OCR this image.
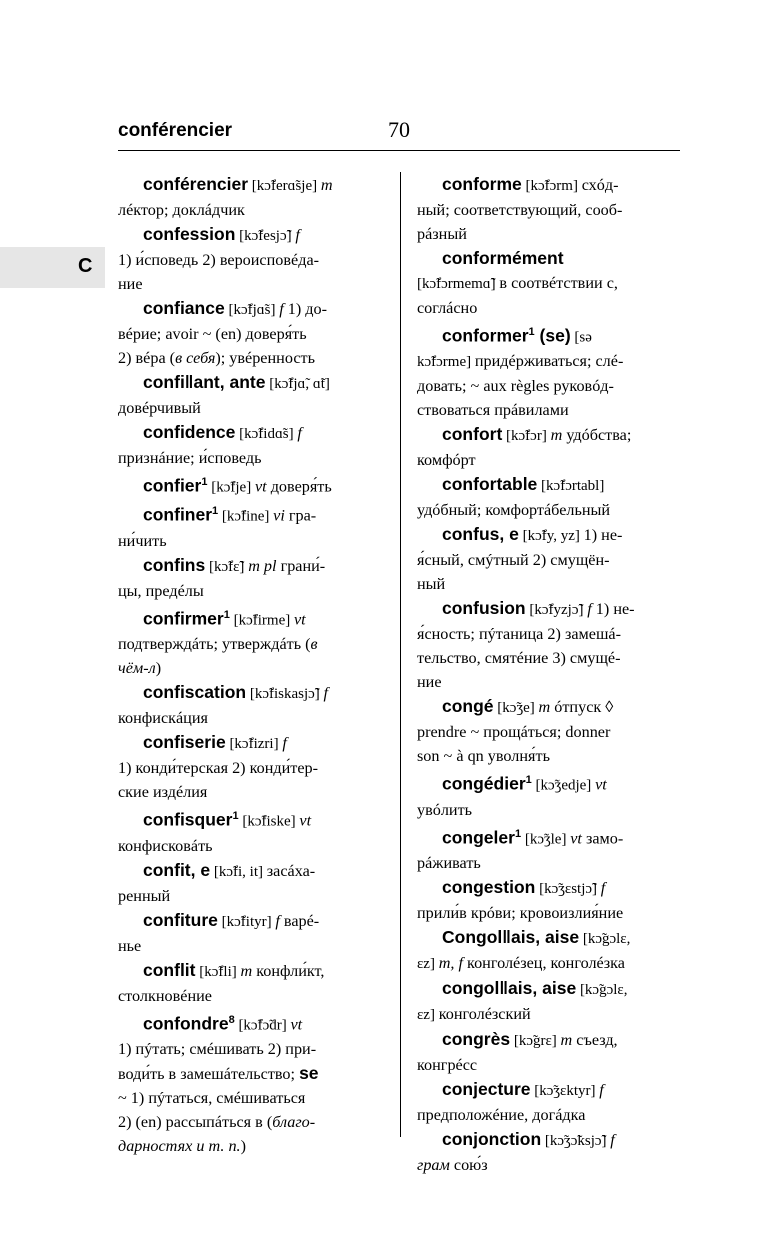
conférencier	70
C
conférencier [kɔ̃ferɑ̃sje] m
лéктор; доклáдчик
confession [kɔ̃fesjɔ̃] f
1) и́споведь 2) вероисповéда-
ние
confiance [kɔ̃fjɑ̃s] f 1) до-
вéрие; avoir ~ (en) доверя́ть
2) вéра (в себя); увéренность
confi‖ant, ante [kɔ̃fjɑ̃, ɑ̃t]
довéрчивый
confidence [kɔ̃fidɑ̃s] f
признáние; и́споведь
confier$^1$ [kɔ̃fje] vt доверя́ть
confiner$^1$ [kɔ̃fine] vi гра-
ни́чить
confins [kɔ̃fɛ̃] m pl грани́-
цы, предéлы
confirmer$^1$ [kɔ̃firme] vt
подтверждáть; утверждáть (в
чём-л)
confiscation [kɔ̃fiskasjɔ̃] f
конфискáция
confiserie [kɔ̃fizri] f
1) конди́терская 2) конди́тер-
ские издéлия
confisquer$^1$ [kɔ̃fiske] vt
конфисковáть
confit, e [kɔ̃fi, it] засáха-
ренный
confiture [kɔ̃fityr] f варé-
нье
conflit [kɔ̃fli] m конфли́кт,
столкновéние
confondre$^8$ [kɔ̃fɔ̃dr] vt
1) пýтать; смéшивать 2) при-
води́ть в замешáтельство; se
~ 1) пýтаться, смéшиваться
2) (en) рассыпáться в (благо-
дарностях и т. п.)
conforme [kɔ̃fɔrm] схóд-
ный; соответствующий, сооб-
рáзный
conformément
[kɔ̃fɔrmemɑ̃] в соотвéтствии с,
соглáсно
conformer$^1$ (se) [sə
kɔ̃fɔrme] придéрживаться; слé-
довать; ~ aux règles руковóд-
ствоваться прáвилами
confort [kɔ̃fɔr] m удóбства;
комфóрт
confortable [kɔ̃fɔrtabl]
удóбный; комфортáбельный
confus, e [kɔ̃fy, yz] 1) не-
я́сный, смýтный 2) смущён-
ный
confusion [kɔ̃fyzjɔ̃] f 1) не-
я́сность; пýтаница 2) замешá-
тельство, смятéние 3) смущé-
ние
congé [kɔ̃ʒe] m óтпуск ◊
prendre ~ прощáться; donner
son ~ à qn уволня́ть
congédier$^1$ [kɔ̃ʒedje] vt
увóлить
congeler$^1$ [kɔ̃ʒle] vt замо-
рáживать
congestion [kɔ̃ʒɛstjɔ̃] f
прили́в крóви; кровоизлия́ние
Congol‖ais, aise [kɔ̃gɔlɛ,
ɛz] m, f конголéзец, конголéзка
congol‖ais, aise [kɔ̃gɔlɛ,
ɛz] конголéзский
congrès [kɔ̃grɛ] m съезд,
конгрéсс
conjecture [kɔ̃ʒɛktyr] f
предположéние, догáдка
conjonction [kɔ̃ʒɔ̃ksjɔ̃] f
грам сою́з
